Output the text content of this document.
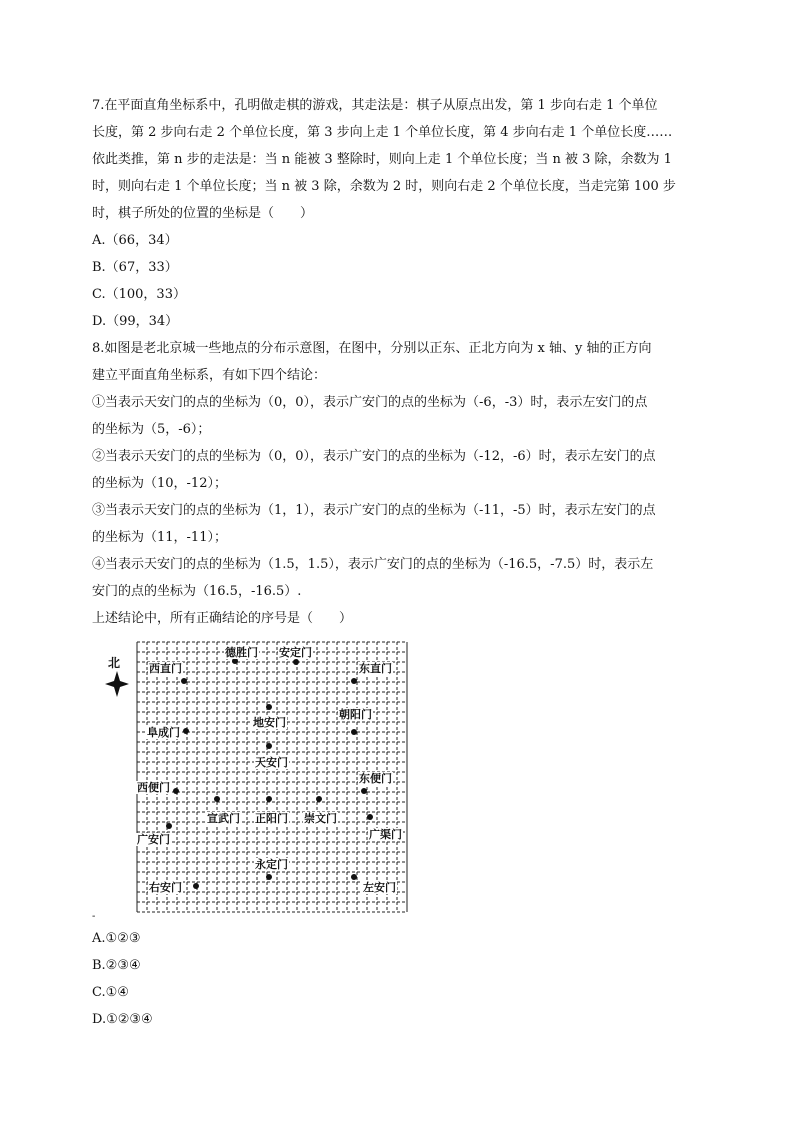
7.在平面直角坐标系中，孔明做走棋的游戏，其走法是：棋子从原点出发，第 1 步向右走 1 个单位
长度，第 2 步向右走 2 个单位长度，第 3 步向上走 1 个单位长度，第 4 步向右走 1 个单位长度……
依此类推，第 n 步的走法是：当 n 能被 3 整除时，则向上走 1 个单位长度；当 n 被 3 除，余数为 1
时，则向右走 1 个单位长度；当 n 被 3 除，余数为 2 时，则向右走 2 个单位长度，当走完第 100 步
时，棋子所处的位置的坐标是（　　）
A.（66，34）
B.（67，33）
C.（100，33）
D.（99，34）
8.如图是老北京城一些地点的分布示意图，在图中，分别以正东、正北方向为 x 轴、y 轴的正方向
建立平面直角坐标系，有如下四个结论：
①当表示天安门的点的坐标为（0，0），表示广安门的点的坐标为（-6，-3）时，表示左安门的点
的坐标为（5，-6）；
②当表示天安门的点的坐标为（0，0），表示广安门的点的坐标为（-12，-6）时，表示左安门的点
的坐标为（10，-12）；
③当表示天安门的点的坐标为（1，1），表示广安门的点的坐标为（-11，-5）时，表示左安门的点
的坐标为（11，-11）；
④当表示天安门的点的坐标为（1.5，1.5），表示广安门的点的坐标为（-16.5，-7.5）时，表示左
安门的点的坐标为（16.5，-16.5）.
上述结论中，所有正确结论的序号是（　　）
北
德胜门 安定门
西直门	东直门
地安门
朝阳门
阜成门
天安门
西便门
东便门
宣武门 正阳门 崇文门
广安门	广渠门
永定门
右安门	左安门
-
A.①②③
B.②③④
C.①④
D.①②③④
